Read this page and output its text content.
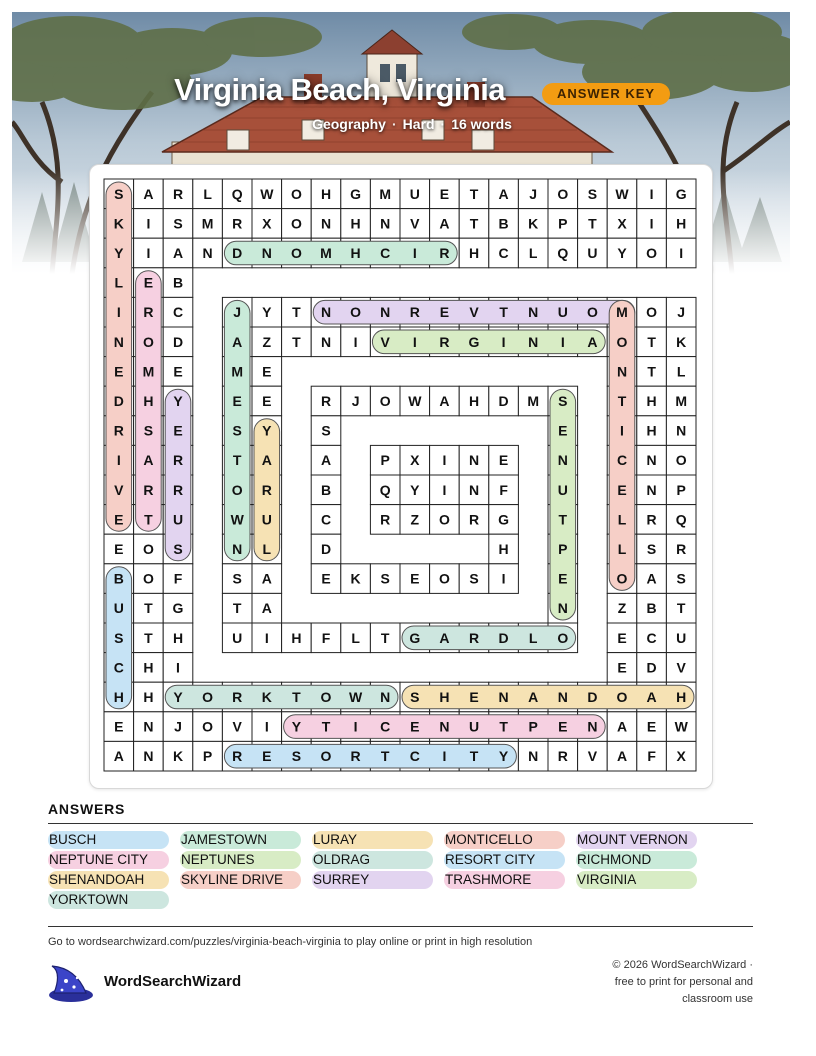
Virginia Beach, Virginia	ANSWER KEY
Geography · Hard · 16 words
S A R L Q W O H G M U E T A J O S W I G
K I S M R X O N H N V A T B K P T X I H
Y I A N D N O M H C I R H C L Q U Y O I
L E B
I R C	J Y T N O N R E V T N U O M O J
N O D	A Z T N I V I R G I N I A O T K
E M E	M E	N T L
D H Y	E E	R J O W A H D M S	T H M
R S E	S Y	S	E	I H N
I A R	T A	A	P X I N E	N	C N O
V R R	O R	B	Q Y I N F	U	E N P
E T U	W U	C	R Z O R G	T	L R Q
E O S	N L	D	H	P	L S R
B O F	S A	E K S E O S I	E	O A S
U T G	T A	N	Z B T
S T H	U I H F L T G A R D L O	E C U
C H I	E D V
H H Y O R K T O W N S H E N A N D O A H
E N J O V I Y T I C E N U T P E N A E W
A N K P R E S O R T C I T Y N R V A F X
ANSWERS
BUSCH	JAMESTOWN	LURAY	MONTICELLO	MOUNT VERNON
NEPTUNE CITY	NEPTUNES	OLDRAG	RESORT CITY	RICHMOND
SHENANDOAH	SKYLINE DRIVE	SURREY	TRASHMORE	VIRGINIA
YORKTOWN
Go to wordsearchwizard.com/puzzles/virginia-beach-virginia to play online or print in high resolution
WordSearchWizard
© 2026 WordSearchWizard ·
free to print for personal and
classroom use
